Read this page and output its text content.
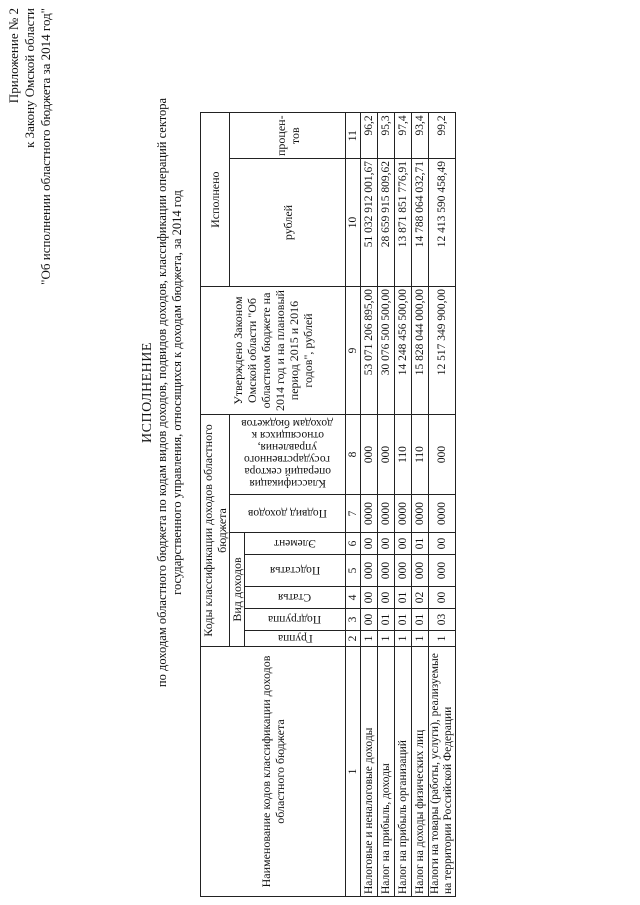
Приложение № 2 к Закону Омской области "Об исполнении областного бюджета за 2014 год"
ИСПОЛНЕНИЕ по доходам областного бюджета по кодам видов доходов, подвидов доходов, классификации операций сектора государственного управления, относящихся к доходам бюджета, за 2014 год
Наименование кодов классификации доходов областного бюджета	Коды классификации доходов областного бюджета							Утверждено Законом Омской области "Об областном бюджете на 2014 год и на плановый период 2015 и 2016 годов", рублей	Исполнено	
	Вид доходов					Подвид доходов	Классификация операций сектора государственного управления, относящихся к доходам бюджетов		рублей	процен-тов

	Группа	Подгруппа	Статья	Подстатья	Элемент					

1	2	3	4	5	6	7	8	9	10	11
Налоговые и неналоговые доходы	1	00	00	000	00	0000	000	53 071 206 895,00	51 032 912 001,67	96,2
Налог на прибыль, доходы	1	01	00	000	00	0000	000	30 076 500 500,00	28 659 915 809,62	95,3
Налог на прибыль организаций	1	01	01	000	00	0000	110	14 248 456 500,00	13 871 851 776,91	97,4
Налог на доходы физических лиц	1	01	02	000	01	0000	110	15 828 044 000,00	14 788 064 032,71	93,4
Налоги на товары (работы, услуги), реализуемые на территории Российской Федерации	1	03	00	000	00	0000	000	12 517 349 900,00	12 413 590 458,49	99,2
